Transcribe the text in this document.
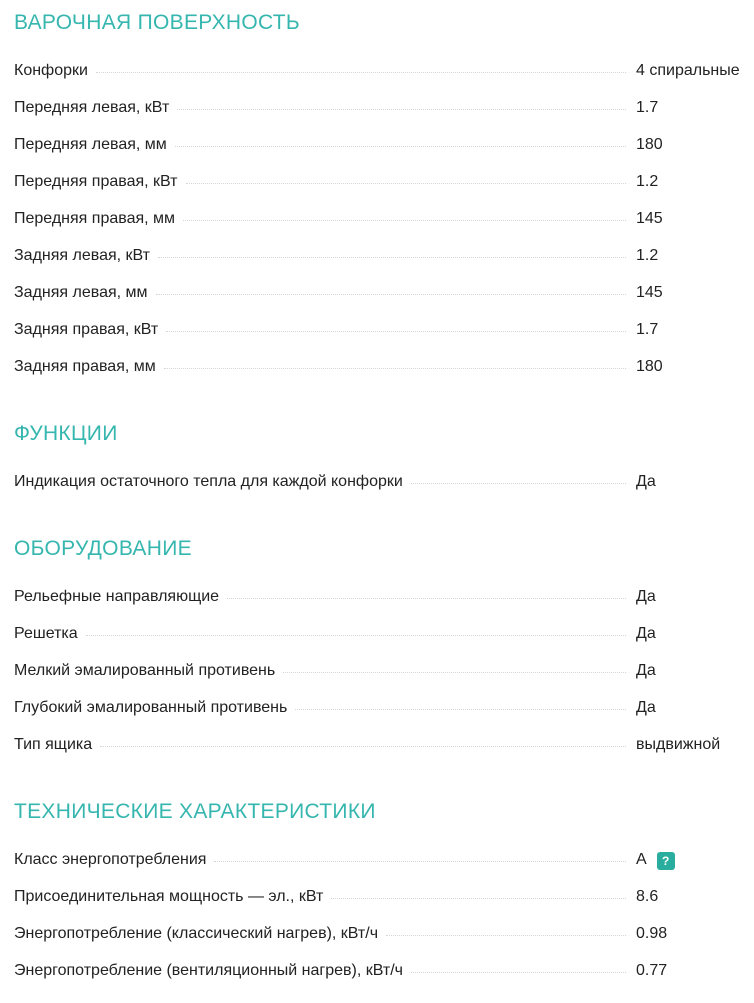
ВАРОЧНАЯ ПОВЕРХНОСТЬ
Конфорки	4 спиральные
Передняя левая, кВт	1.7
Передняя левая, мм	180
Передняя правая, кВт	1.2
Передняя правая, мм	145
Задняя левая, кВт	1.2
Задняя левая, мм	145
Задняя правая, кВт	1.7
Задняя правая, мм	180
ФУНКЦИИ
Индикация остаточного тепла для каждой конфорки	Да
ОБОРУДОВАНИЕ
Рельефные направляющие	Да
Решетка	Да
Мелкий эмалированный противень	Да
Глубокий эмалированный противень	Да
Тип ящика	выдвижной
ТЕХНИЧЕСКИЕ ХАРАКТЕРИСТИКИ
Класс энергопотребления	A ?
Присоединительная мощность — эл., кВт	8.6
Энергопотребление (классический нагрев), кВт/ч	0.98
Энергопотребление (вентиляционный нагрев), кВт/ч	0.77
